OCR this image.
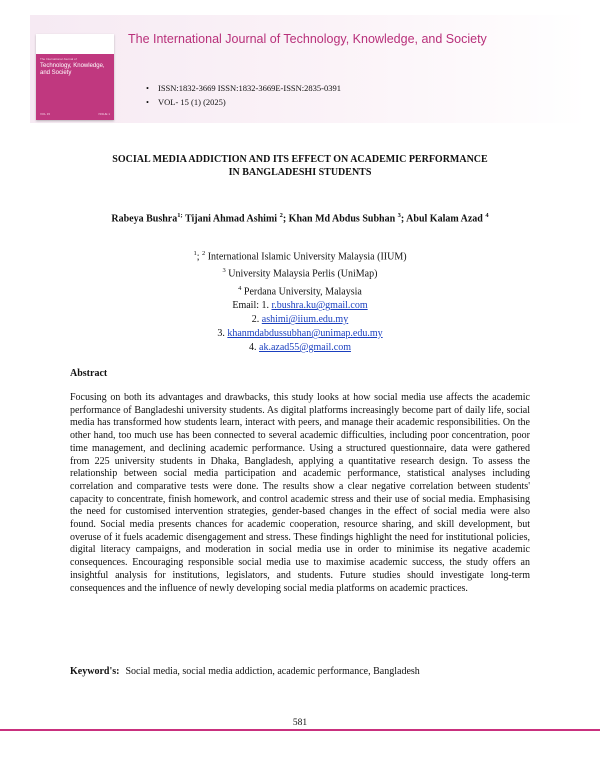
The International Journal of
Technology, Knowledge, and Society
VOL 15	ISSUE 1
The International Journal of Technology, Knowledge, and Society
• ISSN:1832-3669 ISSN:1832-3669E-ISSN:2835-0391
• VOL- 15 (1) (2025)
SOCIAL MEDIA ADDICTION AND ITS EFFECT ON ACADEMIC PERFORMANCE
IN BANGLADESHI STUDENTS
Rabeya Bushra$^{1;}$ Tijani Ahmad Ashimi $^2$; Khan Md Abdus Subhan $^3$; Abul Kalam Azad $^4$
$^1$; $^2$ International Islamic University Malaysia (IIUM)
$^3$ University Malaysia Perlis (UniMap)
$^4$ Perdana University, Malaysia
Email: 1. r.bushra.ku@gmail.com
2. ashimi@iium.edu.my
3. khanmdabdussubhan@unimap.edu.my
4. ak.azad55@gmail.com
Abstract

Focusing on both its advantages and drawbacks, this study looks at how social media use affects the academic performance of Bangladeshi university students. As digital platforms increasingly become part of daily life, social media has transformed how students learn, interact with peers, and manage their academic responsibilities. On the other hand, too much use has been connected to several academic difficulties, including poor concentration, poor time management, and declining academic performance. Using a structured questionnaire, data were gathered from 225 university students in Dhaka, Bangladesh, applying a quantitative research design. To assess the relationship between social media participation and academic performance, statistical analyses including correlation and comparative tests were done. The results show a clear negative correlation between students' capacity to concentrate, finish homework, and control academic stress and their use of social media. Emphasising the need for customised intervention strategies, gender-based changes in the effect of social media were also found. Social media presents chances for academic cooperation, resource sharing, and skill development, but overuse of it fuels academic disengagement and stress. These findings highlight the need for institutional policies, digital literacy campaigns, and moderation in social media use in order to minimise its negative academic consequences. Encouraging responsible social media use to maximise academic success, the study offers an insightful analysis for institutions, legislators, and students. Future studies should investigate long-term consequences and the influence of newly developing social media platforms on academic practices.

Keyword's: Social media, social media addiction, academic performance, Bangladesh
581
